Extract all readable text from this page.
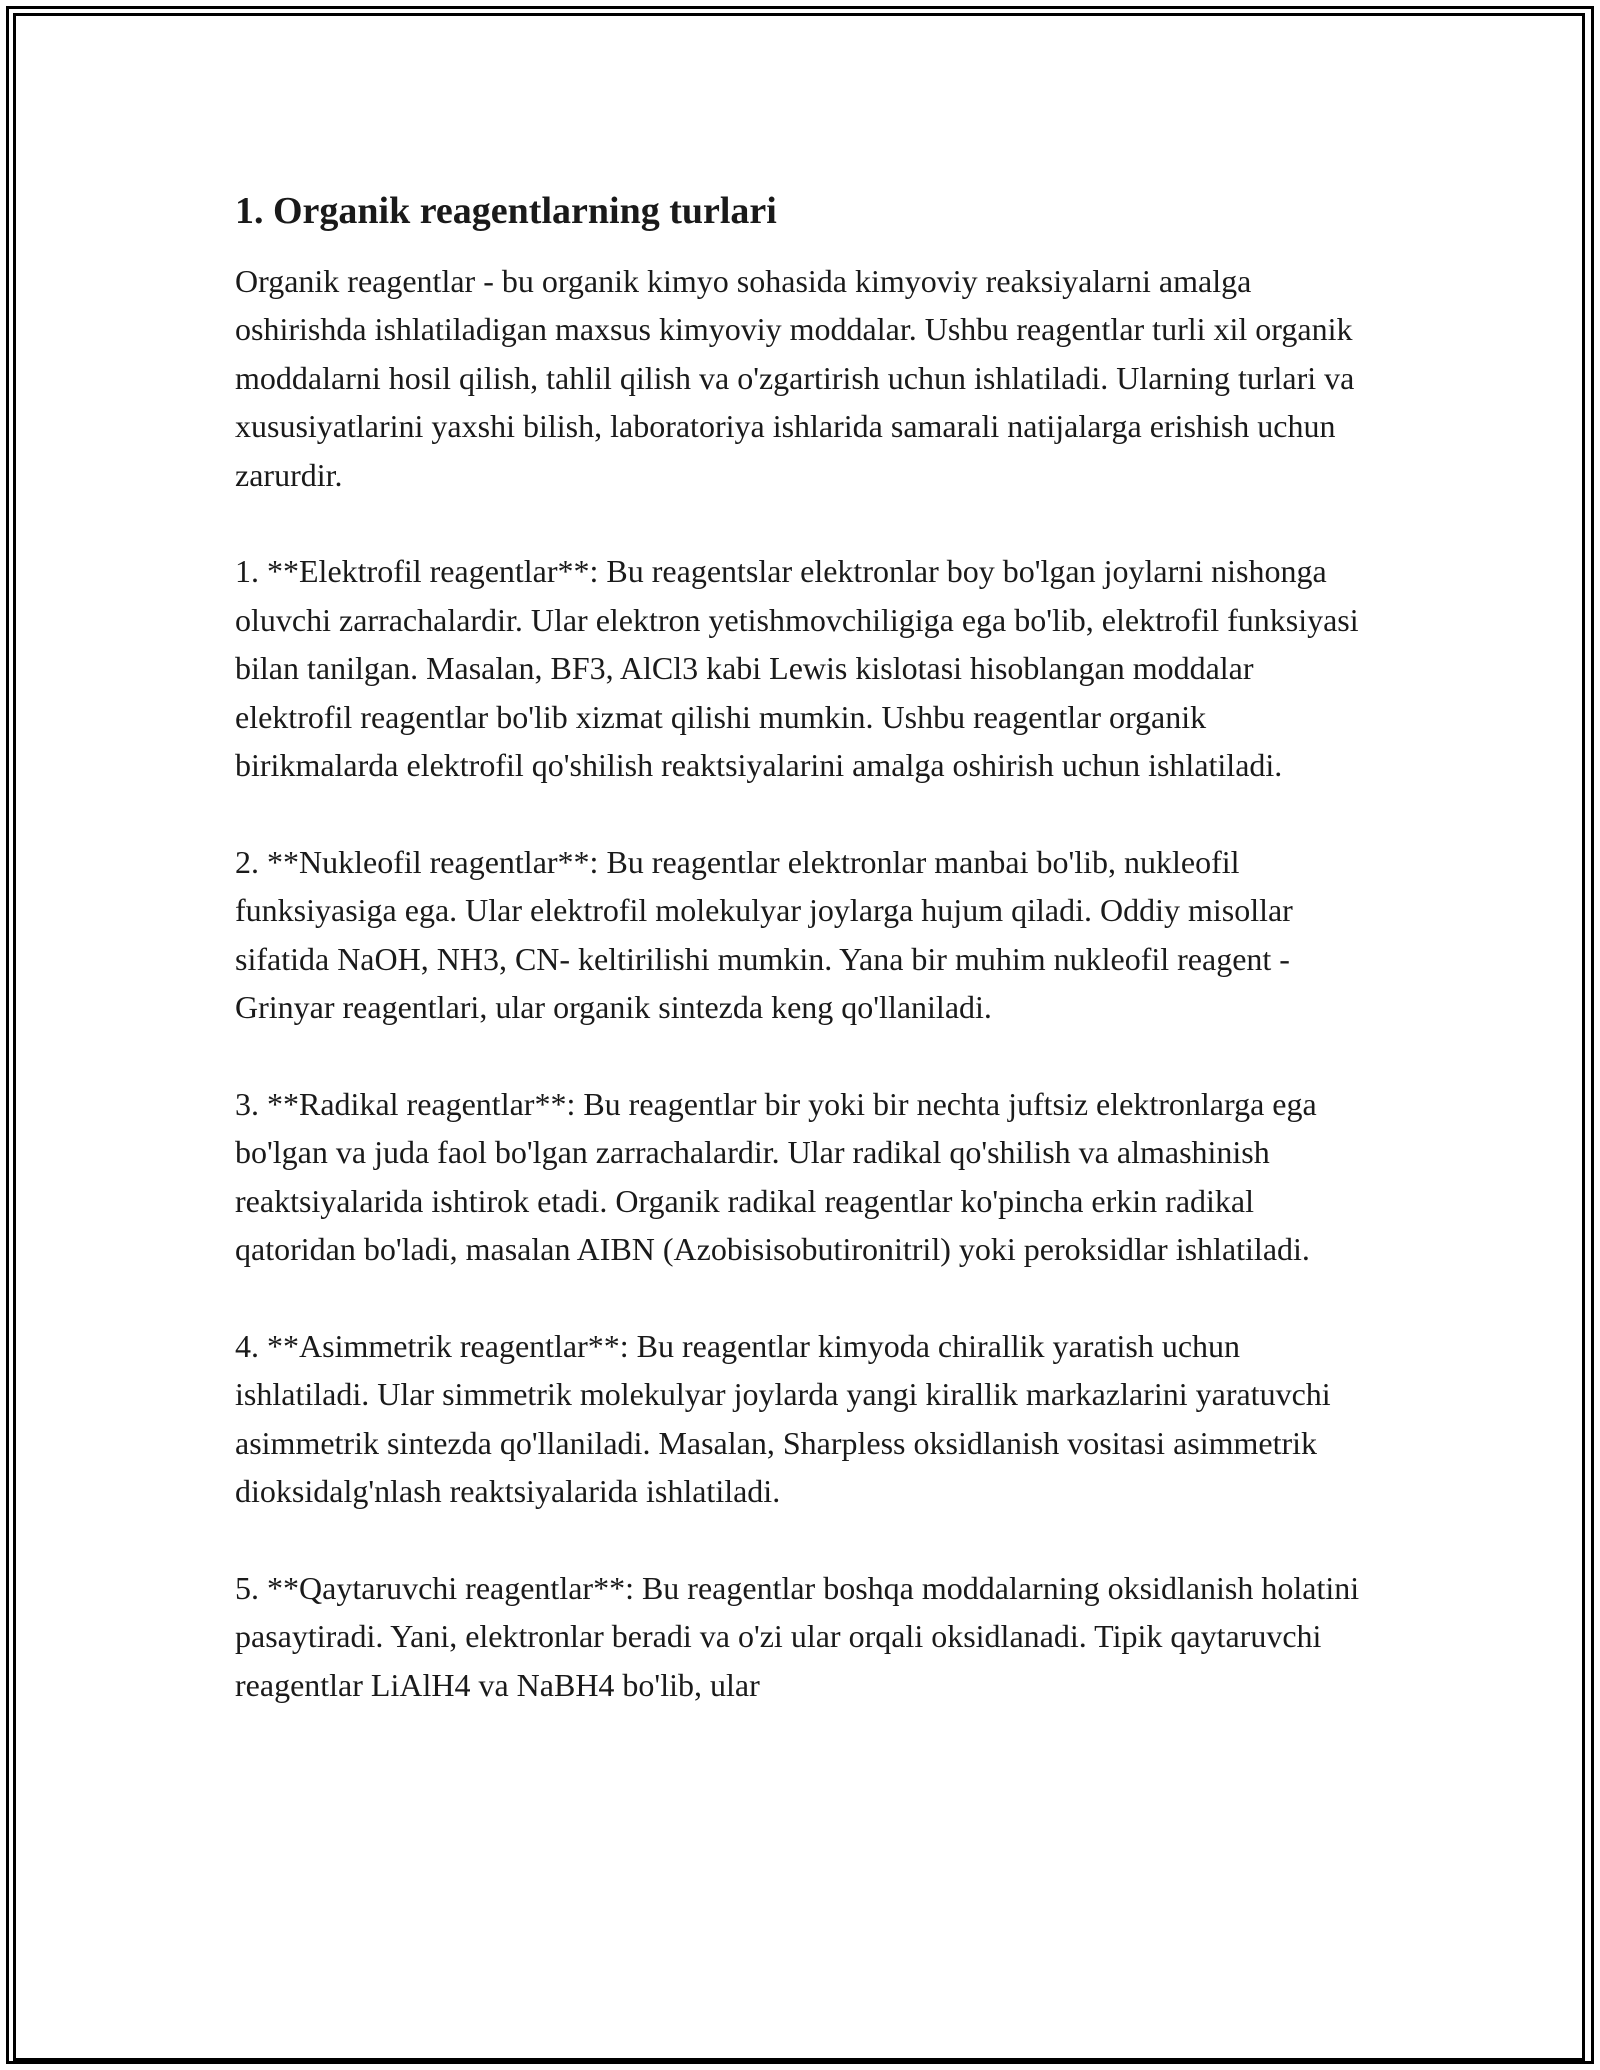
1. Organik reagentlarning turlari

Organik reagentlar - bu organik kimyo sohasida kimyoviy reaksiyalarni amalga oshirishda ishlatiladigan maxsus kimyoviy moddalar. Ushbu reagentlar turli xil organik moddalarni hosil qilish, tahlil qilish va o'zgartirish uchun ishlatiladi. Ularning turlari va xususiyatlarini yaxshi bilish, laboratoriya ishlarida samarali natijalarga erishish uchun zarurdir.

1. **Elektrofil reagentlar**: Bu reagentslar elektronlar boy bo'lgan joylarni nishonga oluvchi zarrachalardir. Ular elektron yetishmovchiligiga ega bo'lib, elektrofil funksiyasi bilan tanilgan. Masalan, BF3, AlCl3 kabi Lewis kislotasi hisoblangan moddalar elektrofil reagentlar bo'lib xizmat qilishi mumkin. Ushbu reagentlar organik birikmalarda elektrofil qo'shilish reaktsiyalarini amalga oshirish uchun ishlatiladi.

2. **Nukleofil reagentlar**: Bu reagentlar elektronlar manbai bo'lib, nukleofil funksiyasiga ega. Ular elektrofil molekulyar joylarga hujum qiladi. Oddiy misollar sifatida NaOH, NH3, CN- keltirilishi mumkin. Yana bir muhim nukleofil reagent - Grinyar reagentlari, ular organik sintezda keng qo'llaniladi.

3. **Radikal reagentlar**: Bu reagentlar bir yoki bir nechta juftsiz elektronlarga ega bo'lgan va juda faol bo'lgan zarrachalardir. Ular radikal qo'shilish va almashinish reaktsiyalarida ishtirok etadi. Organik radikal reagentlar ko'pincha erkin radikal qatoridan bo'ladi, masalan AIBN (Azobisisobutironitril) yoki peroksidlar ishlatiladi.

4. **Asimmetrik reagentlar**: Bu reagentlar kimyoda chirallik yaratish uchun ishlatiladi. Ular simmetrik molekulyar joylarda yangi kirallik markazlarini yaratuvchi asimmetrik sintezda qo'llaniladi. Masalan, Sharpless oksidlanish vositasi asimmetrik dioksidalg'nlash reaktsiyalarida ishlatiladi.

5. **Qaytaruvchi reagentlar**: Bu reagentlar boshqa moddalarning oksidlanish holatini pasaytiradi. Yani, elektronlar beradi va o'zi ular orqali oksidlanadi. Tipik qaytaruvchi reagentlar LiAlH4 va NaBH4 bo'lib, ular
